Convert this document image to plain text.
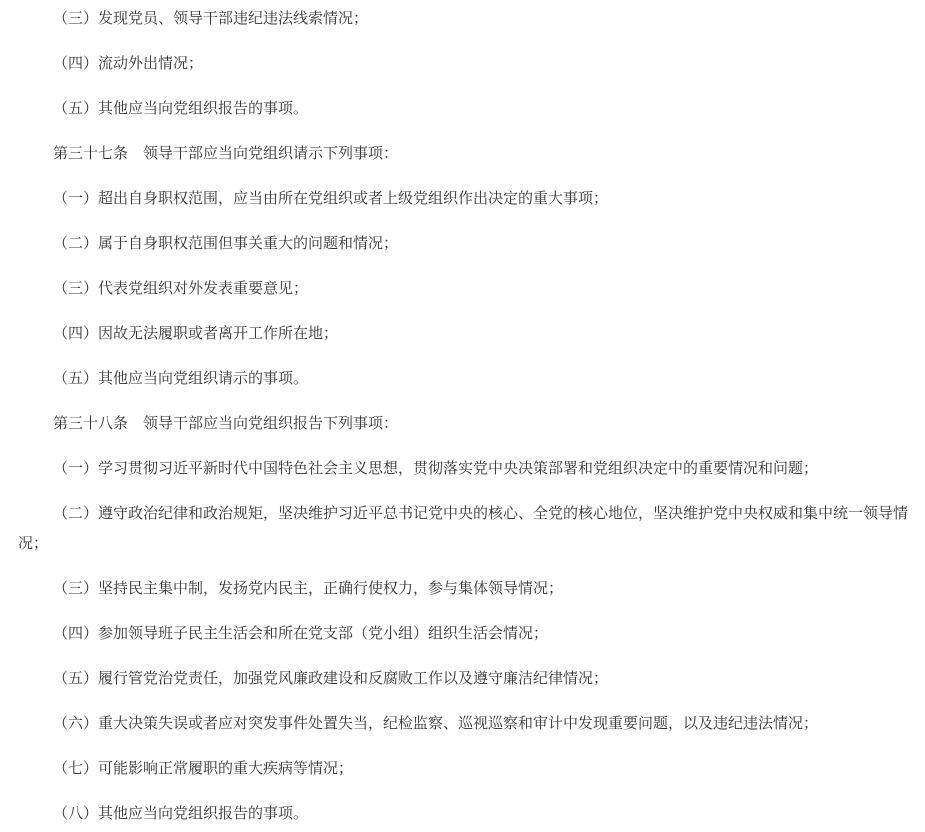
（三）发现党员、领导干部违纪违法线索情况；

（四）流动外出情况；

（五）其他应当向党组织报告的事项。

第三十七条　领导干部应当向党组织请示下列事项：

（一）超出自身职权范围，应当由所在党组织或者上级党组织作出决定的重大事项；

（二）属于自身职权范围但事关重大的问题和情况；

（三）代表党组织对外发表重要意见；

（四）因故无法履职或者离开工作所在地；

（五）其他应当向党组织请示的事项。

第三十八条　领导干部应当向党组织报告下列事项：

（一）学习贯彻习近平新时代中国特色社会主义思想，贯彻落实党中央决策部署和党组织决定中的重要情况和问题；

（二）遵守政治纪律和政治规矩，坚决维护习近平总书记党中央的核心、全党的核心地位，坚决维护党中央权威和集中统一领导情况；

（三）坚持民主集中制，发扬党内民主，正确行使权力，参与集体领导情况；

（四）参加领导班子民主生活会和所在党支部（党小组）组织生活会情况；

（五）履行管党治党责任，加强党风廉政建设和反腐败工作以及遵守廉洁纪律情况；

（六）重大决策失误或者应对突发事件处置失当，纪检监察、巡视巡察和审计中发现重要问题，以及违纪违法情况；

（七）可能影响正常履职的重大疾病等情况；

（八）其他应当向党组织报告的事项。
